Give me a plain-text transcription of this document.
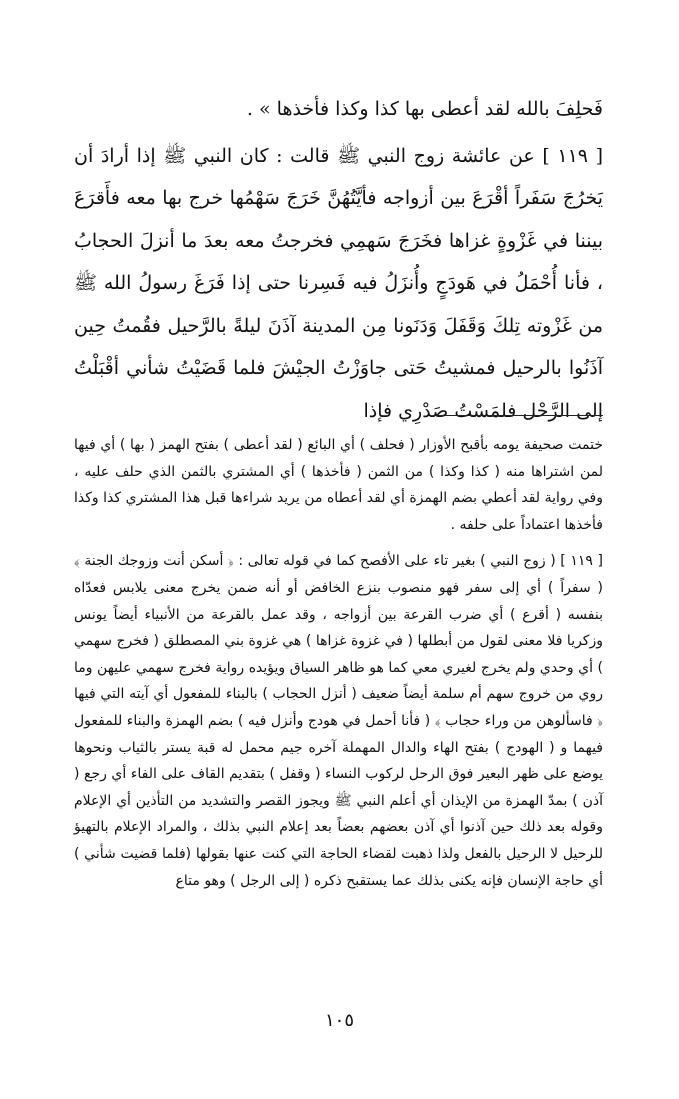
فَحلِفَ بالله لقد أعطى بها كذا وكذا فأخذها » .

[ ١١٩ ] عن عائشة زوج النبي ﷺ قالت : كان النبي ﷺ إذا أرادَ أن يَخرُجَ سَفَراً أقْرَعَ بين أزواجه فأيَّتُهُنَّ خَرَجَ سَهْمُها خرج بها معه فأَقرَعَ بيننا في غَزْوةٍ غزاها فخَرَجَ سَهمِي فخرجتُ معه بعدَ ما أنزلَ الحجابُ ، فأنا أُحْمَلُ في هَودَجٍ وأُنزَلُ فيه فَسِرنا حتى إذا فَرَغَ رسولُ الله ﷺ من غَزْوته تِلكَ وَقَفَلَ وَدَنَونا مِن المدينة آذَنَ ليلةً بالرَّحيل فقُمتُ حِين آذَنُوا بالرحيل فمشيتُ حَتى جاوَزْتُ الجيْشَ فلما قَضَيْتُ شأني أقْبَلْتُ إلى الرَّحْل فلمَسْتُ صَدْرِي فإذا

ختمت صحيفة يومه بأقبح الأوزار ( فحلف ) أي البائع ( لقد أعطى ) بفتح الهمز ( بها ) أي فيها لمن اشتراها منه ( كذا وكذا ) من الثمن ( فأخذها ) أي المشتري بالثمن الذي حلف عليه ، وفي رواية لقد أعطي بضم الهمزة أي لقد أعطاه من يريد شراءها قبل هذا المشتري كذا وكذا فأخذها اعتماداً على حلفه .

[ ١١٩ ] ( زوج النبي ) بغير تاء على الأفصح كما في قوله تعالى : ﴿ أسكن أنت وزوجك الجنة ﴾ ( سفراً ) أي إلى سفر فهو منصوب بنزع الخافض أو أنه ضمن يخرج معنى يلابس فعدّاه بنفسه ( أقرع ) أي ضرب القرعة بين أزواجه ، وقد عمل بالقرعة من الأنبياء أيضاً يونس وزكريا فلا معنى لقول من أبطلها ( في غزوة غزاها ) هي غزوة بني المصطلق ( فخرج سهمي ) أي وحدي ولم يخرج لغيري معي كما هو ظاهر السياق ويؤيده رواية فخرج سهمي عليهن وما روي من خروج سهم أم سلمة أيضاً ضعيف ( أنزل الحجاب ) بالبناء للمفعول أي آيته التي فيها ﴿ فاسألوهن من وراء حجاب ﴾ ( فأنا أحمل في هودج وأنزل فيه ) بضم الهمزة والبناء للمفعول فيهما و ( الهودج ) بفتح الهاء والدال المهملة آخره جيم محمل له قبة يستر بالثياب ونحوها يوضع على ظهر البعير فوق الرحل لركوب النساء ( وقفل ) بتقديم القاف على الفاء أي رجع ( آذن ) بمدّ الهمزة من الإيذان أي أعلم النبي ﷺ ويجوز القصر والتشديد من التأذين أي الإعلام وقوله بعد ذلك حين آذنوا أي آذن بعضهم بعضاً بعد إعلام النبي بذلك ، والمراد الإعلام بالتهيؤ للرحيل لا الرحيل بالفعل ولذا ذهبت لقضاء الحاجة التي كنت عنها بقولها (فلما قضيت شأني ) أي حاجة الإنسان فإنه يكنى بذلك عما يستقبح ذكره ( إلى الرجل ) وهو متاع

١٠٥
